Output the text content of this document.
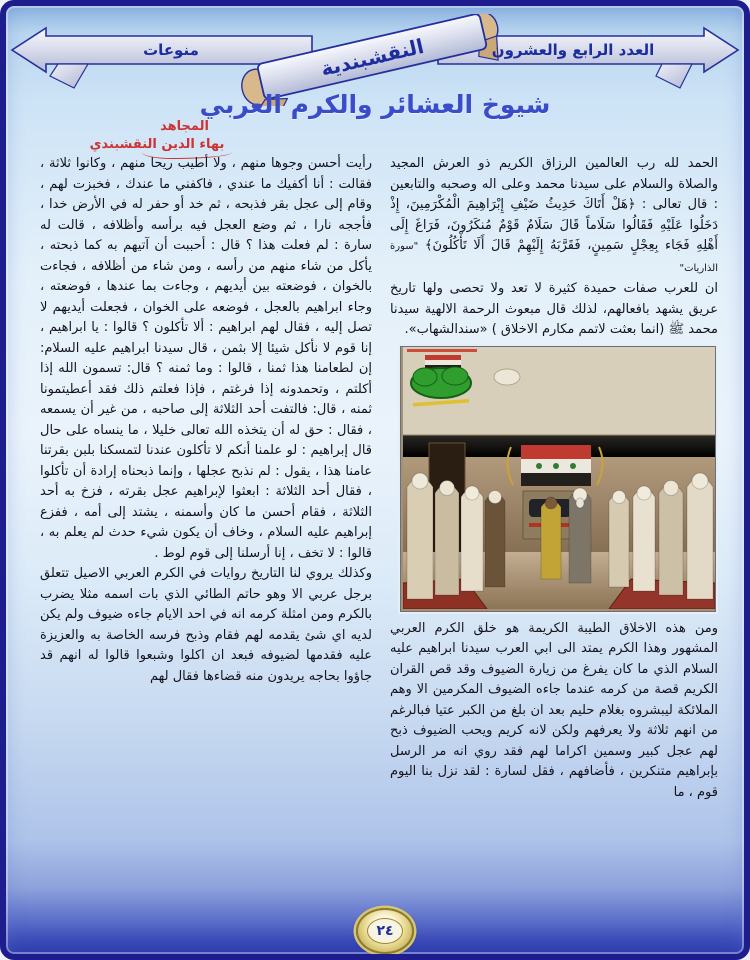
النقشبندية
منوعات	العدد الرابع والعشرون
شيوخ العشائر والكرم العربي
المجاهد
بهاء الدين النقشبندي

الحمد لله رب العالمين الرزاق الكريم ذو العرش المجيد والصلاة والسلام على سيدنا محمد وعلى اله وصحبه والتابعين : قال تعالى : ﴿هَلْ أَتَاكَ حَدِيثُ ضَيْفِ إِبْرَاهِيمَ الْمُكْرَمِينَ، إِذْ دَخَلُوا عَلَيْهِ فَقَالُوا سَلَاماً قَالَ سَلَامٌ قَوْمٌ مُنكَرُونَ، فَرَاغَ إِلَى أَهْلِهِ فَجَاء بِعِجْلٍ سَمِينٍ، فَقَرَّبَهُ إِلَيْهِمْ قَالَ أَلَا تَأْكُلُونَ﴾ "سورة الذاريات"

ان للعرب صفات حميدة كثيرة لا تعد ولا تحصى ولها تاريخ عريق يشهد بافعالهم، لذلك قال مبعوث الرحمة الالهية سيدنا محمد ﷺ (انما بعثت لاتمم مكارم الاخلاق ) «سندالشهاب».

ومن هذه الاخلاق الطيبة الكريمة هو خلق الكرم العربي المشهور وهذا الكرم يمتد الى ابي العرب سيدنا ابراهيم عليه السلام الذي ما كان يفرغ من زيارة الضيوف وقد قص القران الكريم قصة من كرمه عندما جاءه الضيوف المكرمين الا وهم الملائكة ليبشروه بغلام حليم بعد ان بلغ من الكبر عتيا فبالرغم من انهم ثلاثة ولا يعرفهم ولكن لانه كريم ويحب الضيوف ذبح لهم عجل كبير وسمين اكراما لهم فقد روي انه مر الرسل بإبراهيم متنكرين ، فأضافهم ، فقل لسارة : لقد نزل بنا اليوم قوم ، ما

رأيت أحسن وجوها منهم ، ولا أطيب ريحا منهم ، وكانوا ثلاثة ، فقالت : أنا أكفيك ما عندي ، فاكفني ما عندك ، فخبزت لهم ، وقام إلى عجل بقر فذبحه ، ثم خد أو حفر له في الأرض خدا ، فأججه نارا ، ثم وضع العجل فيه برأسه وأظلافه ، قالت له سارة : لم فعلت هذا ؟ قال : أحببت أن آتيهم به كما ذبحته ، يأكل من شاء منهم من رأسه ، ومن شاء من أظلافه ، فجاءت بالخوان ، فوضعته بين أيديهم ، وجاءت بما عندها ، فوضعته ، وجاء ابراهيم بالعجل ، فوضعه على الخوان ، فجعلت أيديهم لا تصل إليه ، فقال لهم ابراهيم : ألا تأكلون ؟ قالوا : يا ابراهيم ، إنا قوم لا نأكل شيئا إلا بثمن ، قال سيدنا ابراهيم عليه السلام: إن لطعامنا هذا ثمنا ، قالوا : وما ثمنه ؟ قال: تسمون الله إذا أكلتم ، وتحمدونه إذا فرغتم ، فإذا فعلتم ذلك فقد أعطيتمونا ثمنه ، قال: فالتفت أحد الثلاثة إلى صاحبه ، من غير أن يسمعه ، فقال : حق له أن يتخذه الله تعالى خليلا ، ما ينساه على حال قال إبراهيم : لو علمنا أنكم لا تأكلون عندنا لتمسكنا بلبن بقرتنا عامنا هذا ، يقول : لم نذبح عجلها ، وإنما ذبحناه إرادة أن تأكلوا ، فقال أحد الثلاثة : ابعثوا لإبراهيم عجل بقرته ، فزخ به أحد الثلاثة ، فقام أحسن ما كان وأسمنه ، يشتد إلى أمه ، ففزع إبراهيم عليه السلام ، وخاف أن يكون شيء حدث لم يعلم به ، قالوا : لا تخف ، إنا أرسلنا إلى قوم لوط .

وكذلك يروي لنا التاريخ روايات في الكرم العربي الاصيل تتعلق برجل عربي الا وهو حاتم الطائي الذي بات اسمه مثلا يضرب بالكرم ومن امثلة كرمه انه في احد الايام جاءه ضيوف ولم يكن لديه اي شئ يقدمه لهم فقام وذبح فرسه الخاصة به والعزيزة عليه فقدمها لضيوفه فبعد ان اكلوا وشبعوا قالوا له انهم قد جاؤوا بحاجه يريدون منه قضاءها فقال لهم

٢٤
